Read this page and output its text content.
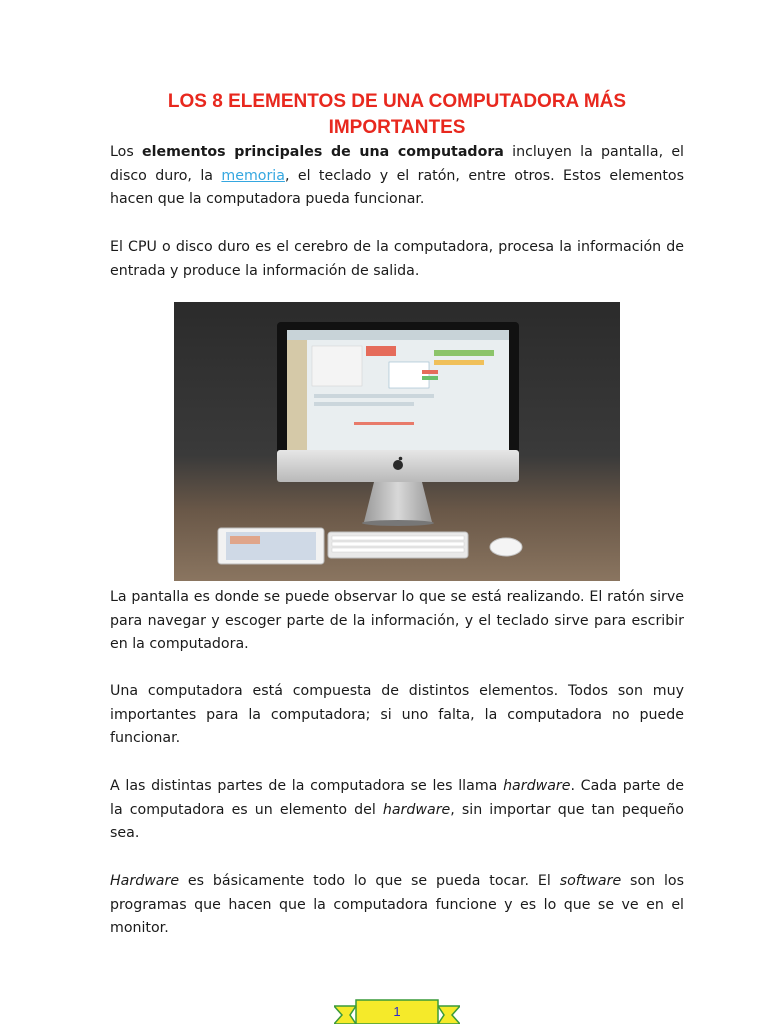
LOS 8 ELEMENTOS DE UNA COMPUTADORA MÁS IMPORTANTES

Los elementos principales de una computadora incluyen la pantalla, el disco duro, la memoria, el teclado y el ratón, entre otros. Estos elementos hacen que la computadora pueda funcionar.

El CPU o disco duro es el cerebro de la computadora, procesa la información de entrada y produce la información de salida.

La pantalla es donde se puede observar lo que se está realizando. El ratón sirve para navegar y escoger parte de la información, y el teclado sirve para escribir en la computadora.

Una computadora está compuesta de distintos elementos. Todos son muy importantes para la computadora; si uno falta, la computadora no puede funcionar.

A las distintas partes de la computadora se les llama hardware. Cada parte de la computadora es un elemento del hardware, sin importar que tan pequeño sea.

Hardware es básicamente todo lo que se pueda tocar. El software son los programas que hacen que la computadora funcione y es lo que se ve en el monitor.

1
